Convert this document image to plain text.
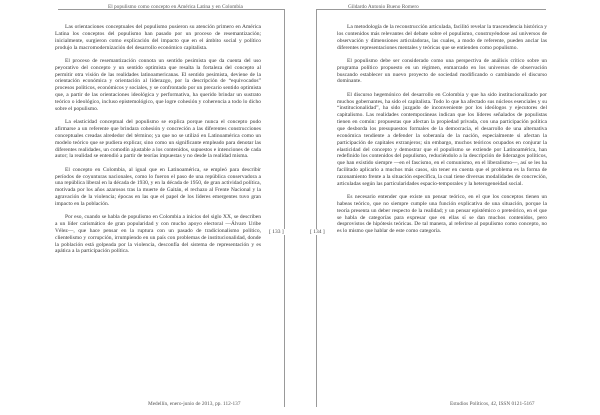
El populismo como concepto en América Latina y en Colombia
[ 133 ]

Las orientaciones conceptuales del populismo pusieron su atención primero en América Latina los conceptos del populismo han pasado por un proceso de resemantización; inicialmente, surgieron como explicación del impacto que en el ámbito social y político produjo la macromodernización del desarrollo económico capitalista.

El proceso de resemantización connota un sentido pesimista que da cuenta del uso peyorativo del concepto y un sentido optimista que resalta la fortaleza del concepto al permitir otra visión de las realidades latinoamericanas. El sentido pesimista, deviene de la orientación económica y orientación al liderazgo, por la descripción de “equivocados” procesos políticos, económicos y sociales, y se confrontado por un precario sentido optimista que, a partir de las orientaciones ideológica y performativa, ha querido brindar un sustrato teórico o ideológico, incluso epistemológico, que logre cohesión y coherencia a todo lo dicho sobre el populismo.

La elasticidad conceptual del populismo se explica porque nunca el concepto pudo afirmarse a un referente que brindara cohesión y concreción a las diferentes construcciones conceptuales creadas alrededor del término; ya que no se utilizó en Latinoamérica como un modelo teórico que se pudiera explicar, sino como un significante empleado para denotar las diferentes realidades, un comodín ajustable a los contenidos, supuestos e intenciones de cada autor; la realidad se entendió a partir de teorías impuestas y no desde la realidad misma.

El concepto en Colombia, al igual que en Latinoamérica, se empleó para describir períodos de coyunturas nacionales, como lo fueron el paso de una república conservadora a una república liberal en la década de 1930, y en la década de 1950, de gran actividad política, motivada por los años azarosos tras la muerte de Gaitán, el rechazo al Frente Nacional y la agravación de la violencia; épocas en las que el papel de los líderes emergentes tuvo gran impacto en la población.

Por eso, cuando se habla de populismo en Colombia a inicios del siglo XX, se describen a un líder carismático de gran popularidad y con mucho apoyo electoral —Álvaro Uribe Vélez—, que hace pensar en la ruptura con un pasado de tradicionalismo político, clientelismo y corrupción, irrumpiendo en un país con problemas de institucionalidad, donde la población está golpeada por la violencia, desconfía del sistema de representación y es apática a la participación política.

Medellín, enero-junio de 2013, pp. 112-137
Gildardo Antonio Bueno Romero
[ 134 ]

La metodología de la reconstrucción articulada, facilitó revelar la trascendencia histórica y los contenidos más relevantes del debate sobre el populismo, construyéndose así universos de observación y dimensiones articuladoras, las cuales, a modo de referente, pueden anclar las diferentes representaciones mentales y teóricas que se entienden como populismo.

El populismo debe ser considerado como una perspectiva de análisis crítico sobre un programa político propuesto en un régimen, enmarcado en los universos de observación buscando establecer un nuevo proyecto de sociedad modificando o cambiando el discurso dominante.

El discurso hegemónico del desarrollo en Colombia y que ha sido institucionalizado por muchos gobernantes, ha sido el capitalista. Todo lo que ha afectado sus núcleos esenciales y su “institucionalidad”, ha sido juzgado de inconveniente por los ideólogos y ejecutores del capitalismo. Las realidades contemporáneas indican que los líderes señalados de populistas tienen en común: propuestas que afectan la propiedad privada, con una participación política que desborda los presupuestos formales de la democracia, el desarrollo de una alternativa económica tendiente a defender la soberanía de la nación, especialmente si afectan la participación de capitales extranjeros; sin embargo, muchos teóricos ocupados en conjurar la elasticidad del concepto y demostrar que el populismo se extiende por Latinoamérica, han redefinido los contenidos del populismo, reduciéndolo a la descripción de liderazgos políticos, que han existido siempre —en el fascismo, en el comunismo, en el liberalismo—, así se les ha facilitado aplicarlo a muchos más casos, sin tener en cuenta que el problema es la forma de razonamiento frente a la situación específica, la cual tiene diversas modalidades de concreción, articuladas según las particularidades espacio-temporales y la heterogeneidad social.

Es necesario entender que existe un pensar teórico, en el que los conceptos tienen un habeas teórico, que no siempre cumple una función explicativa de una situación, porque la teoría presenta un deber respecto de la realidad; y un pensar epistémico o preteórico, en el que se habla de categorías para expresar que en ellas sí se dan muchos contenidos, pero desprovistos de hipótesis teóricas. De tal manera, al referirse al populismo como concepto, no es lo mismo que hablar de este como categoría.

Estudios Políticos, 42, ISSN 0121-5167
